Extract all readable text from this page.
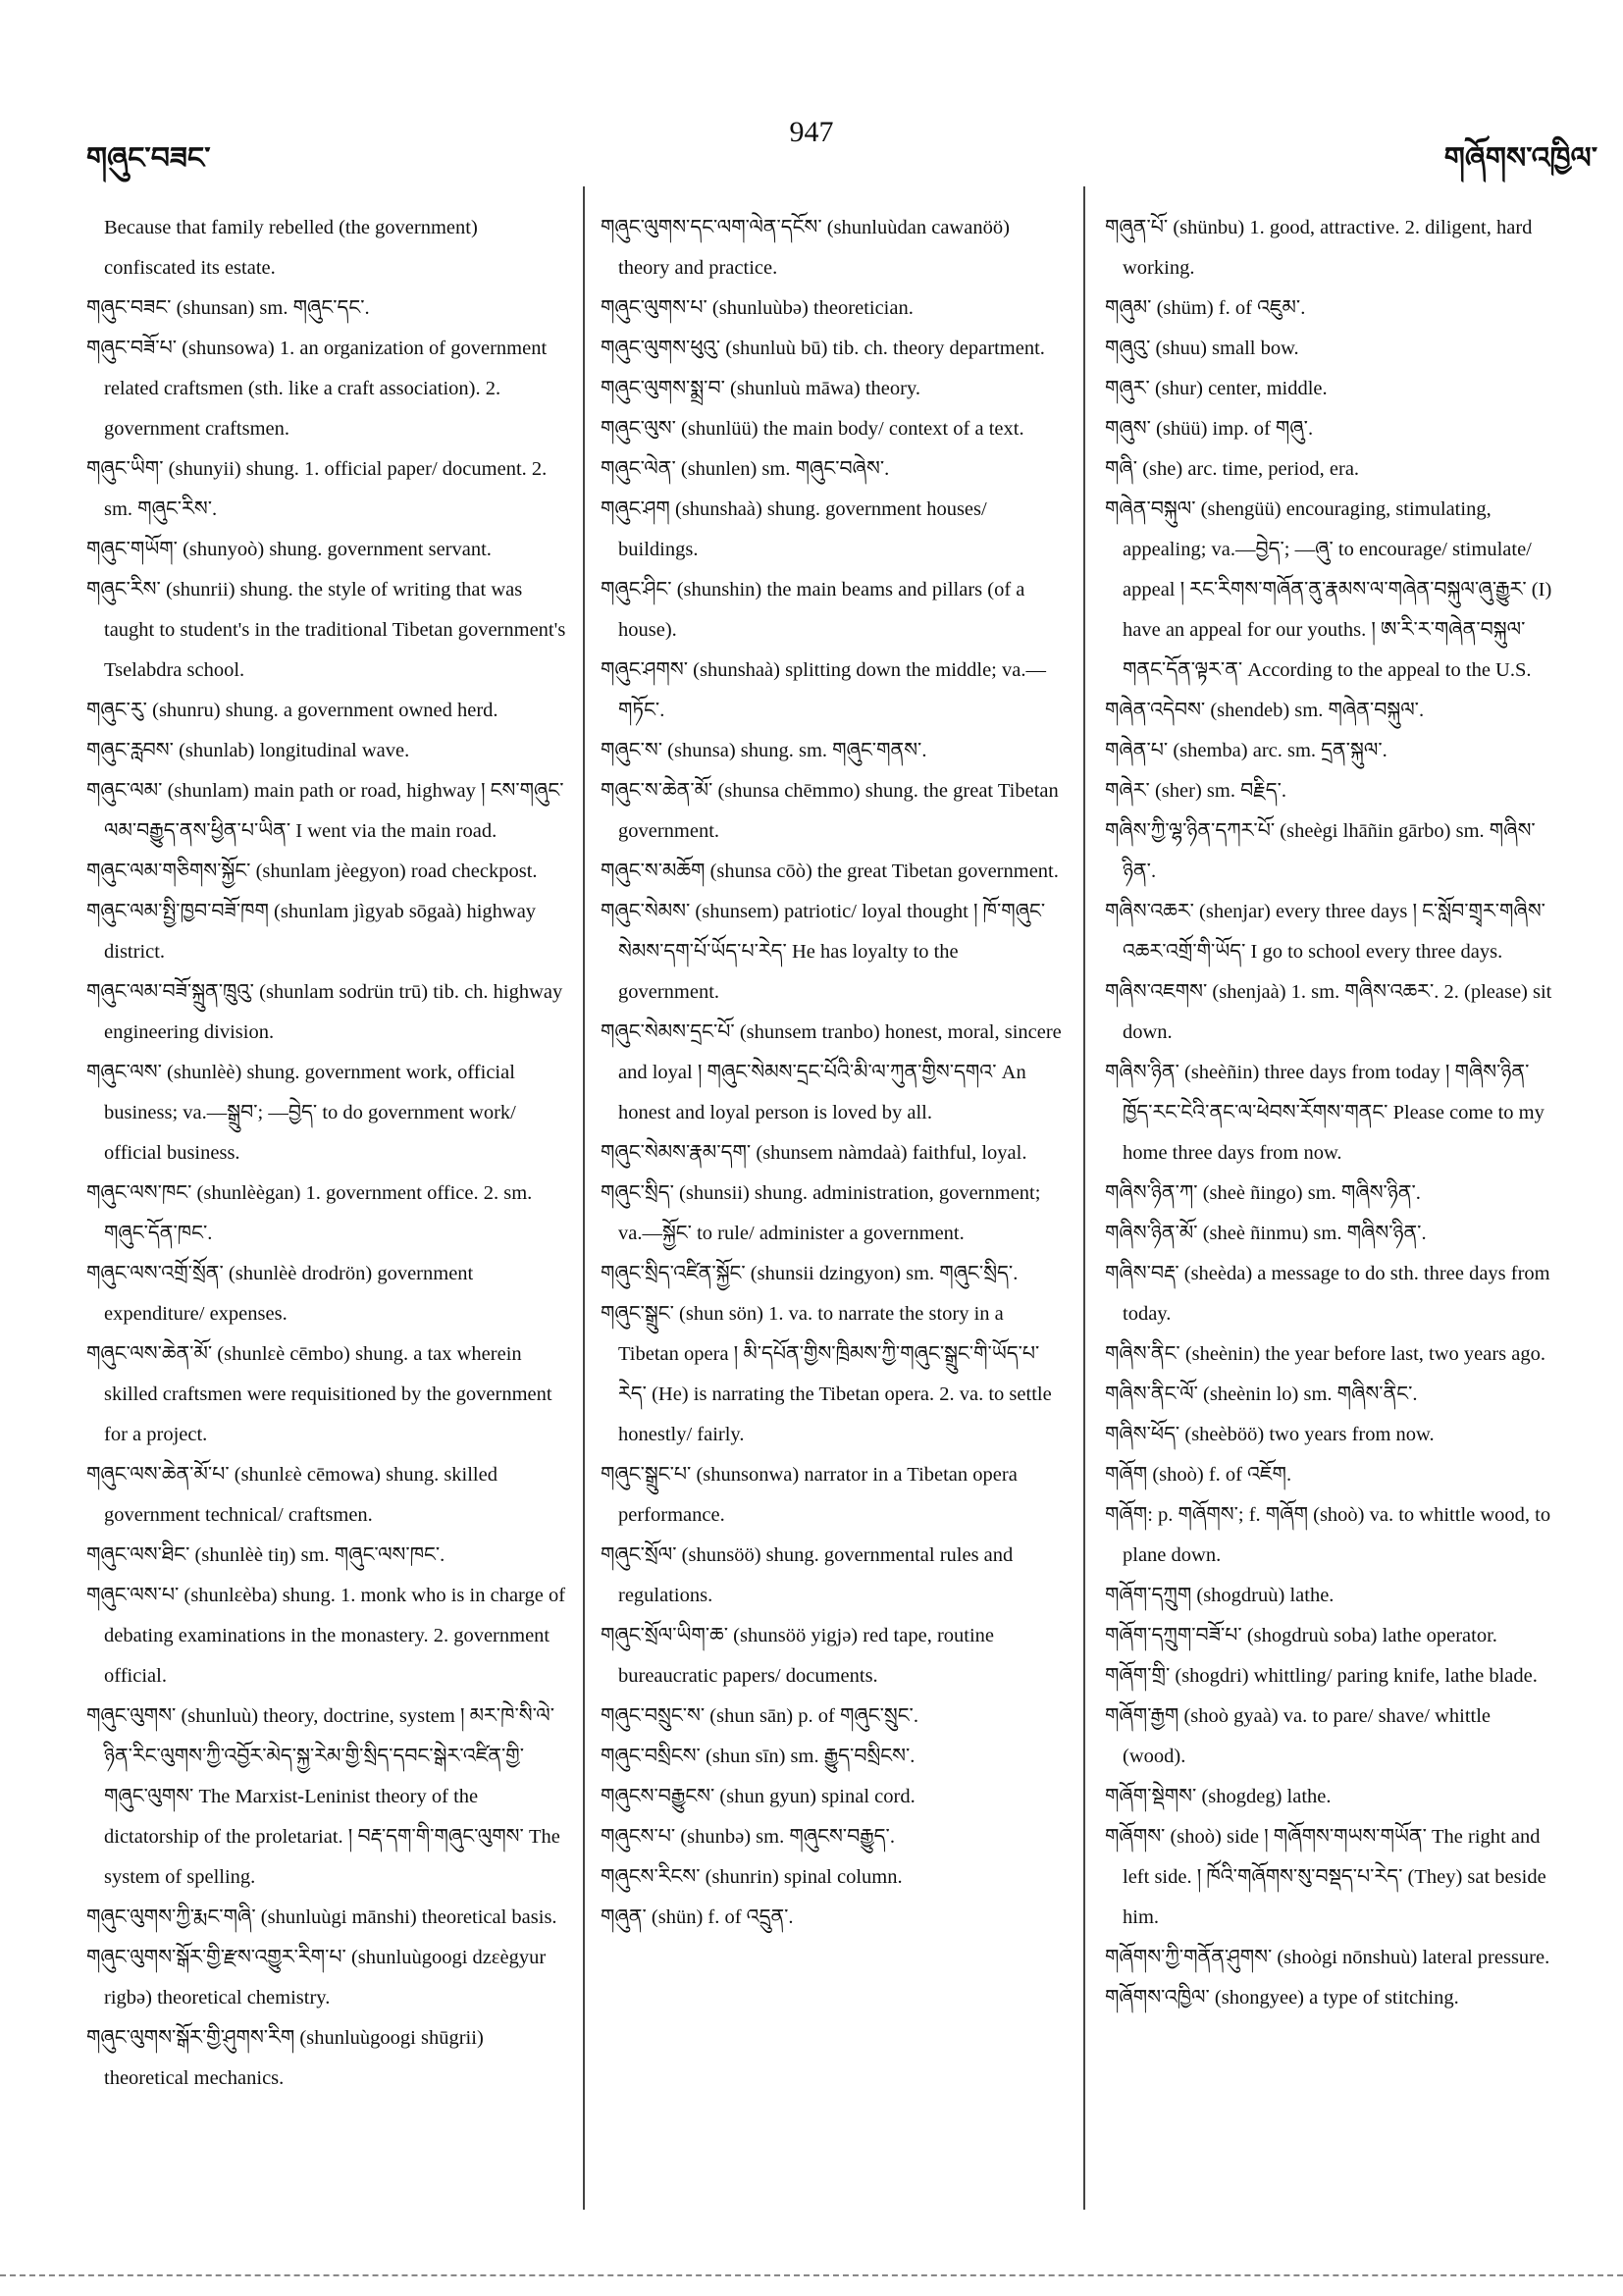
གཞུང་བཟང་
947
གཞོགས་འཁྱིལ་

Because that family rebelled (the government) confiscated its estate.

གཞུང་བཟང་ (shunsan) sm. གཞུང་དང་.

གཞུང་བཟོ་པ་ (shunsowa) 1. an organization of government related craftsmen (sth. like a craft association). 2. government craftsmen.

གཞུང་ཡིག་ (shunyii) shung. 1. official paper/ document. 2. sm. གཞུང་རིས་.

གཞུང་གཡོག་ (shunyoò) shung. government servant.

གཞུང་རིས་ (shunrii) shung. the style of writing that was taught to student's in the traditional Tibetan government's Tselabdra school.

གཞུང་རུ་ (shunru) shung. a government owned herd.

གཞུང་རླབས་ (shunlab) longitudinal wave.

གཞུང་ལམ་ (shunlam) main path or road, highway ། ངས་གཞུང་ལམ་བརྒྱུད་ནས་ཕྱིན་པ་ཡིན་ I went via the main road.

གཞུང་ལམ་གཅིགས་སྐྱོང་ (shunlam jèegyon) road checkpost.

གཞུང་ལམ་སྤྱི་ཁྱབ་བཟོ་ཁག (shunlam jìgyab sōgaà) highway district.

གཞུང་ལམ་བཟོ་སྐྲུན་ཁྲུའུ་ (shunlam sodrün trū) tib. ch. highway engineering division.

གཞུང་ལས་ (shunlèè) shung. government work, official business; va.—སྒྲུབ་; —བྱེད་ to do government work/ official business.

གཞུང་ལས་ཁང་ (shunlèègan) 1. government office. 2. sm. གཞུང་དོན་ཁང་.

གཞུང་ལས་འགྲོ་སྲོན་ (shunlèè drodrön) government expenditure/ expenses.

གཞུང་ལས་ཆེན་མོ་ (shunlεè cēmbo) shung. a tax wherein skilled craftsmen were requisitioned by the government for a project.

གཞུང་ལས་ཆེན་མོ་པ་ (shunlεè cēmowa) shung. skilled government technical/ craftsmen.

གཞུང་ལས་ཐིང་ (shunlèè tiŋ) sm. གཞུང་ལས་ཁང་.

གཞུང་ལས་པ་ (shunlεèba) shung. 1. monk who is in charge of debating examinations in the monastery. 2. government official.

གཞུང་ལུགས་ (shunluù) theory, doctrine, system ། མར་ཁེ་སི་ལེ་ཉིན་རིང་ལུགས་ཀྱི་འབྱོར་མེད་སྐྱ་རེམ་གྱི་སྲིད་དབང་སྒེར་འཛིན་གྱི་གཞུང་ལུགས་ The Marxist-Leninist theory of the dictatorship of the proletariat. ། བརྡ་དག་གི་གཞུང་ལུགས་ The system of spelling.

གཞུང་ལུགས་ཀྱི་རྨང་གཞི་ (shunluùgi mānshi) theoretical basis.

གཞུང་ལུགས་སྒོར་གྱི་རྫས་འགྱུར་རིག་པ་ (shunluùgoogi dzεègyur rigbə) theoretical chemistry.

གཞུང་ལུགས་སྒོར་གྱི་ཤུགས་རིག (shunluùgoogi shūgrii) theoretical mechanics.

གཞུང་ལུགས་དང་ལག་ལེན་དངོས་ (shunluùdan cawanöö) theory and practice.

གཞུང་ལུགས་པ་ (shunluùbə) theoretician.

གཞུང་ལུགས་ཕུའུ་ (shunluù bū) tib. ch. theory department.

གཞུང་ལུགས་སྨྲ་བ་ (shunluù māwa) theory.

གཞུང་ལུས་ (shunlüü) the main body/ context of a text.

གཞུང་ལེན་ (shunlen) sm. གཞུང་བཞེས་.

གཞུང་ཤག (shunshaà) shung. government houses/ buildings.

གཞུང་ཤིང་ (shunshin) the main beams and pillars (of a house).

གཞུང་ཤགས་ (shunshaà) splitting down the middle; va.—གཏོང་.

གཞུང་ས་ (shunsa) shung. sm. གཞུང་གནས་.

གཞུང་ས་ཆེན་མོ་ (shunsa chēmmo) shung. the great Tibetan government.

གཞུང་ས་མཆོག (shunsa cōò) the great Tibetan government.

གཞུང་སེམས་ (shunsem) patriotic/ loyal thought ། ཁོ་གཞུང་སེམས་དག་པོ་ཡོད་པ་རེད་ He has loyalty to the government.

གཞུང་སེམས་དྲང་པོ་ (shunsem tranbo) honest, moral, sincere and loyal ། གཞུང་སེམས་དྲང་པོའི་མི་ལ་ཀུན་གྱིས་དགའ་ An honest and loyal person is loved by all.

གཞུང་སེམས་རྣམ་དག་ (shunsem nàmdaà) faithful, loyal.

གཞུང་སྲིད་ (shunsii) shung. administration, government; va.—སྐྱོང་ to rule/ administer a government.

གཞུང་སྲིད་འཛིན་སྐྱོང་ (shunsii dzingyon) sm. གཞུང་སྲིད་.

གཞུང་སྒྲུང་ (shun sön) 1. va. to narrate the story in a Tibetan opera ། མི་དཔོན་གྱིས་ཁྲིམས་ཀྱི་གཞུང་སྒྲུང་གི་ཡོད་པ་རེད་ (He) is narrating the Tibetan opera. 2. va. to settle honestly/ fairly.

གཞུང་སྒྲུང་པ་ (shunsonwa) narrator in a Tibetan opera performance.

གཞུང་སྲོལ་ (shunsöö) shung. governmental rules and regulations.

གཞུང་སྲོལ་ཡིག་ཆ་ (shunsöö yigjə) red tape, routine bureaucratic papers/ documents.

གཞུང་བསྲུང་ས་ (shun sān) p. of གཞུང་སྲུང་.

གཞུང་བསྲིངས་ (shun sīn) sm. རྒྱུད་བསྲིངས་.

གཞུངས་བརྒྱུངས་ (shun gyun) spinal cord.

གཞུངས་པ་ (shunbə) sm. གཞུངས་བརྒྱུད་.

གཞུངས་རིངས་ (shunrin) spinal column.

གཞུན་ (shün) f. of འདྲུན་.

གཞུན་པོ་ (shünbu) 1. good, attractive. 2. diligent, hard working.

གཞུམ་ (shüm) f. of འཇུམ་.

གཞུའུ་ (shuu) small bow.

གཞུར་ (shur) center, middle.

གཞུས་ (shüü) imp. of གཞུ་.

གཞི་ (she) arc. time, period, era.

གཞེན་བསྐུལ་ (shengüü) encouraging, stimulating, appealing; va.—བྱེད་; —ཞུ་ to encourage/ stimulate/ appeal ། རང་རིགས་གཞོན་ནུ་རྣམས་ལ་གཞེན་བསྐུལ་ཞུ་རྒྱུར་ (I) have an appeal for our youths. ། ཨ་རི་ར་གཞེན་བསྐུལ་གནང་དོན་ལྟར་ན་ According to the appeal to the U.S.

གཞེན་འདེབས་ (shendeb) sm. གཞེན་བསྐུལ་.

གཞེན་པ་ (shemba) arc. sm. དྲན་སྐུལ་.

གཞེར་ (sher) sm. བརྗིད་.

གཞིས་ཀྱི་ལྷ་ཉིན་དཀར་པོ་ (sheègi lhāñin gārbo) sm. གཞིས་ཉིན་.

གཞིས་འཆར་ (shenjar) every three days ། ང་སློབ་གྲྭར་གཞིས་འཆར་འགྲོ་གི་ཡོད་ I go to school every three days.

གཞིས་འཇགས་ (shenjaà) 1. sm. གཞིས་འཆར་. 2. (please) sit down.

གཞིས་ཉིན་ (sheèñin) three days from today ། གཞིས་ཉིན་ཁྱོད་རང་ངེའི་ནང་ལ་ཕེབས་རོགས་གནང་ Please come to my home three days from now.

གཞིས་ཉིན་ཀ་ (sheè ñingo) sm. གཞིས་ཉིན་.

གཞིས་ཉིན་མོ་ (sheè ñinmu) sm. གཞིས་ཉིན་.

གཞིས་བརྡ་ (sheèda) a message to do sth. three days from today.

གཞིས་ནིང་ (sheènin) the year before last, two years ago.

གཞིས་ནིང་ལོ་ (sheènin lo) sm. གཞིས་ནིང་.

གཞིས་ཕོད་ (sheèböö) two years from now.

གཞོག (shoò) f. of འཇོག.

གཞོག: p. གཞོགས་; f. གཞོག (shoò) va. to whittle wood, to plane down.

གཞོག་དཀྲུག (shogdruù) lathe.

གཞོག་དཀྲུག་བཟོ་པ་ (shogdruù soba) lathe operator.

གཞོག་གྲི་ (shogdri) whittling/ paring knife, lathe blade.

གཞོག་རྒྱག (shoò gyaà) va. to pare/ shave/ whittle (wood).

གཞོག་སྡེགས་ (shogdeg) lathe.

གཞོགས་ (shoò) side ། གཞོགས་གཡས་གཡོན་ The right and left side. ། ཁོའི་གཞོགས་སུ་བསྡད་པ་རེད་ (They) sat beside him.

གཞོགས་ཀྱི་གནོན་ཤུགས་ (shoògi nōnshuù) lateral pressure.

གཞོགས་འཁྱིལ་ (shongyee) a type of stitching.
